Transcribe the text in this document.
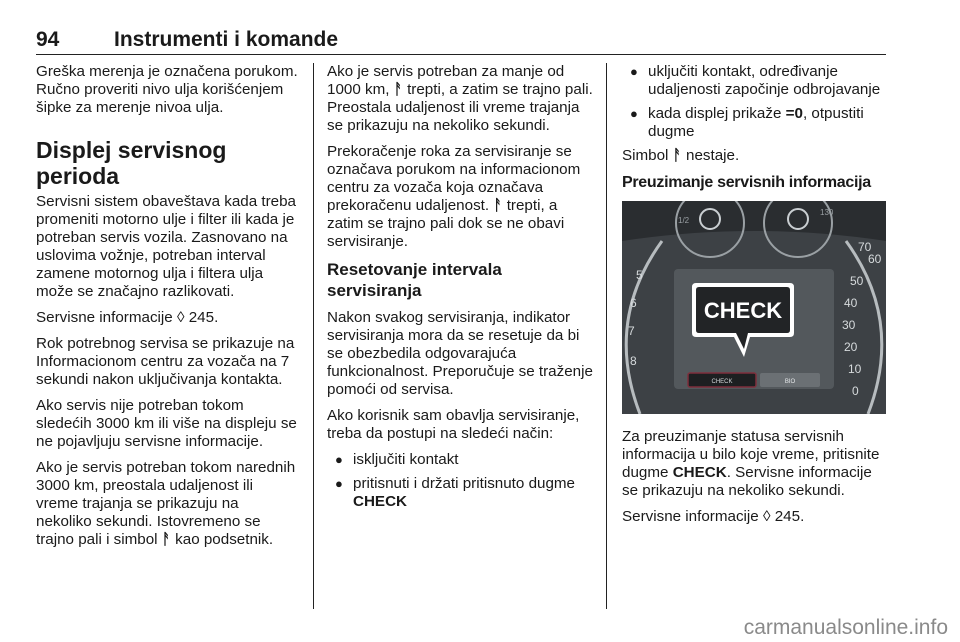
94	Instrumenti i komande

Greška merenja je označena porukom. Ručno proveriti nivo ulja korišćenjem šipke za merenje nivoa ulja.

Displej servisnog perioda

Servisni sistem obaveštava kada treba promeniti motorno ulje i filter ili kada je potreban servis vozila. Zasnovano na uslovima vožnje, potreban interval zamene motornog ulja i filtera ulja može se značajno razlikovati.

Servisne informacije ◊ 245.

Rok potrebnog servisa se prikazuje na Informacionom centru za vozača na 7 sekundi nakon uključivanja kontakta.

Ako servis nije potreban tokom sledećih 3000 km ili više na displeju se ne pojavljuju servisne informacije.

Ako je servis potreban tokom narednih 3000 km, preostala udaljenost ili vreme trajanja se prikazuju na nekoliko sekundi. Istovremeno se trajno pali i simbol ᚨ kao podsetnik.

Ako je servis potreban za manje od 1000 km, ᚨ trepti, a zatim se trajno pali. Preostala udaljenost ili vreme trajanja se prikazuju na nekoliko sekundi.

Prekoračenje roka za servisiranje se označava porukom na informacionom centru za vozača koja označava prekoračenu udaljenost. ᚨ trepti, a zatim se trajno pali dok se ne obavi servisiranje.

Resetovanje intervala servisiranja

Nakon svakog servisiranja, indikator servisiranja mora da se resetuje da bi se obezbedila odgovarajuća funkcionalnost. Preporučuje se traženje pomoći od servisa.

Ako korisnik sam obavlja servisiranje, treba da postupi na sledeći način:

● isključiti kontakt
● pritisnuti i držati pritisnuto dugme CHECK
● uključiti kontakt, određivanje udaljenosti započinje odbrojavanje
● kada displej prikaže =0, otpustiti dugme

Simbol ᚨ nestaje.

Preuzimanje servisnih informacija
1/2
130
5
6
7
8
70
60
50
40
30
20
10
0
CHECK
CHECK	BIO

Za preuzimanje statusa servisnih informacija u bilo koje vreme, pritisnite dugme CHECK. Servisne informacije se prikazuju na nekoliko sekundi.

Servisne informacije ◊ 245.

carmanualsonline.info
